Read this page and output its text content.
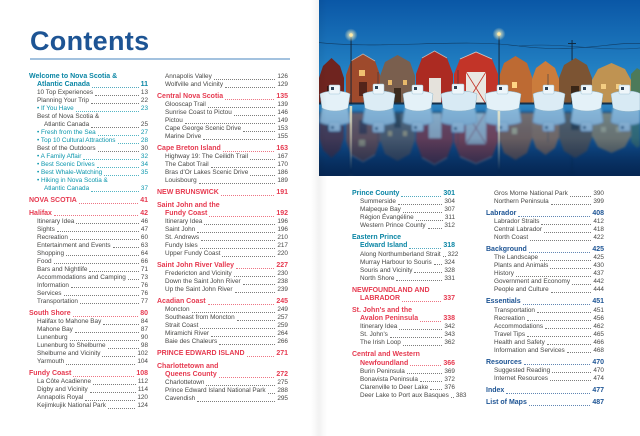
Contents
Welcome to Nova Scotia &
Atlantic Canada	11
10 Top Experiences	13
Planning Your Trip	22
• If You Have	23
Best of Nova Scotia &
Atlantic Canada	25
• Fresh from the Sea	27
• Top 10 Cultural Attractions	28
Best of the Outdoors	30
• A Family Affair	32
• Best Scenic Drives	34
• Best Whale-Watching	35
• Hiking in Nova Scotia &
Atlantic Canada	37
NOVA SCOTIA	41
Halifax	42
Itinerary Idea	46
Sights	47
Recreation	60
Entertainment and Events	63
Shopping	64
Food	66
Bars and Nightlife	71
Accommodations and Camping 73
Information	76
Services	76
Transportation	77
South Shore	80
Halifax to Mahone Bay	84
Mahone Bay	87
Lunenburg	90
Lunenburg to Shelburne	98
Shelburne and Vicinity	102
Yarmouth	104
Fundy Coast	108
La Côte Acadienne	112
Digby and Vicinity	114
Annapolis Royal	120
Kejimkujik National Park	124
Annapolis Valley	126
Wolfville and Vicinity	129
Central Nova Scotia	135
Glooscap Trail	139
Sunrise Coast to Pictou	146
Pictou	149
Cape George Scenic Drive	153
Marine Drive	155
Cape Breton Island	163
Highway 19: The Ceilidh Trail	167
The Cabot Trail	170
Bras d'Or Lakes Scenic Drive	186
Louisbourg	189
NEW BRUNSWICK	191
Saint John and the
Fundy Coast	192
Itinerary Idea	196
Saint John	196
St. Andrews	210
Fundy Isles	217
Upper Fundy Coast	220
Saint John River Valley	227
Fredericton and Vicinity	230
Down the Saint John River	238
Up the Saint John River	239
Acadian Coast	245
Moncton	249
Southeast from Moncton	257
Strait Coast	259
Miramichi River	264
Baie des Chaleurs	266
PRINCE EDWARD ISLAND	271
Charlottetown and
Queens County	272
Charlottetown	275
Prince Edward Island National Park 288
Cavendish	295
Prince County	301
Summerside	304
Malpeque Bay	307
Région Évangéline	311
Western Prince County	312
Eastern Prince
Edward Island	318
Along Northumberland Strait 322
Murray Harbour to Souris 324
Souris and Vicinity	328
North Shore	331
NEWFOUNDLAND AND
LABRADOR	337
St. John's and the
Avalon Peninsula	338
Itinerary Idea	342
St. John's	343
The Irish Loop	362
Central and Western
Newfoundland	366
Burin Peninsula	369
Bonavista Peninsula	372
Clarenville to Deer Lake	376
Deer Lake to Port aux Basques 383
Gros Morne National Park	390
Northern Peninsula	399
Labrador	408
Labrador Straits	412
Central Labrador	418
North Coast	422
Background	425
The Landscape	425
Plants and Animals	430
History	437
Government and Economy	442
People and Culture	444
Essentials	451
Transportation	451
Recreation	456
Accommodations	462
Travel Tips	465
Health and Safety	466
Information and Services	468
Resources	470
Suggested Reading	470
Internet Resources	474
Index	477
List of Maps	487
